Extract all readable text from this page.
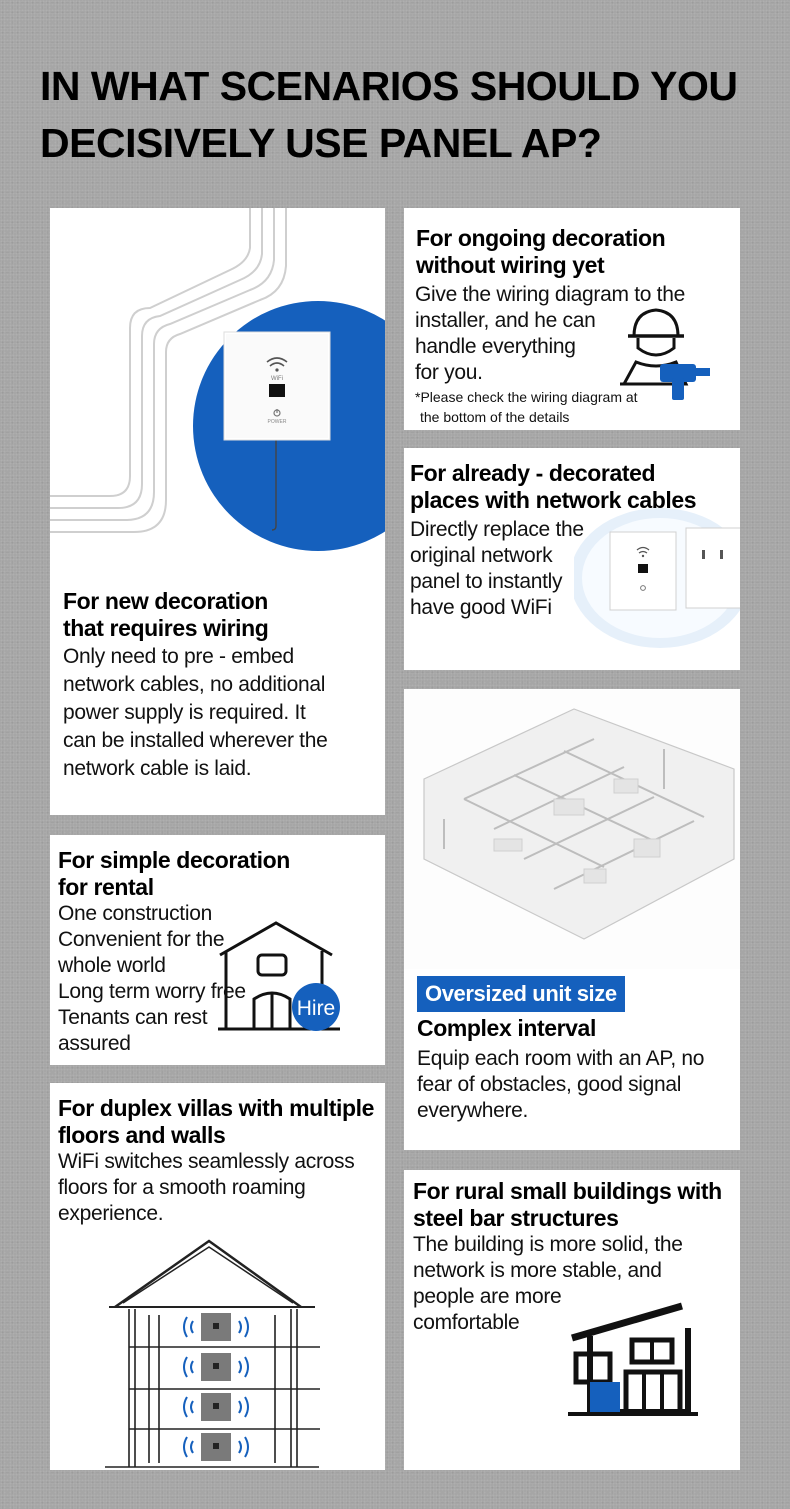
IN WHAT SCENARIOS SHOULD YOU
DECISIVELY USE PANEL AP?
WiFi
POWER
For new decoration
that requires wiring
Only need to pre - embed
network cables, no additional
power supply is required. It
can be installed wherever the
network cable is laid.
For ongoing decoration
without wiring yet
Give the wiring diagram to the
installer, and he can
handle everything
for you.
*Please check the wiring diagram at
the bottom of the details
For already - decorated
places with network cables
Directly replace the
original network
panel to instantly
have good WiFi
Oversized unit size
Complex interval
Equip each room with an AP, no
fear of obstacles, good signal
everywhere.
Hire
For simple decoration
for rental
One construction
Convenient for the
whole world
Long term worry free
Tenants can rest
assured
For duplex villas with multiple
floors and walls
WiFi switches seamlessly across
floors for a smooth roaming
experience.
For rural small buildings with
steel bar structures
The building is more solid, the
network is more stable, and
people are more
comfortable
